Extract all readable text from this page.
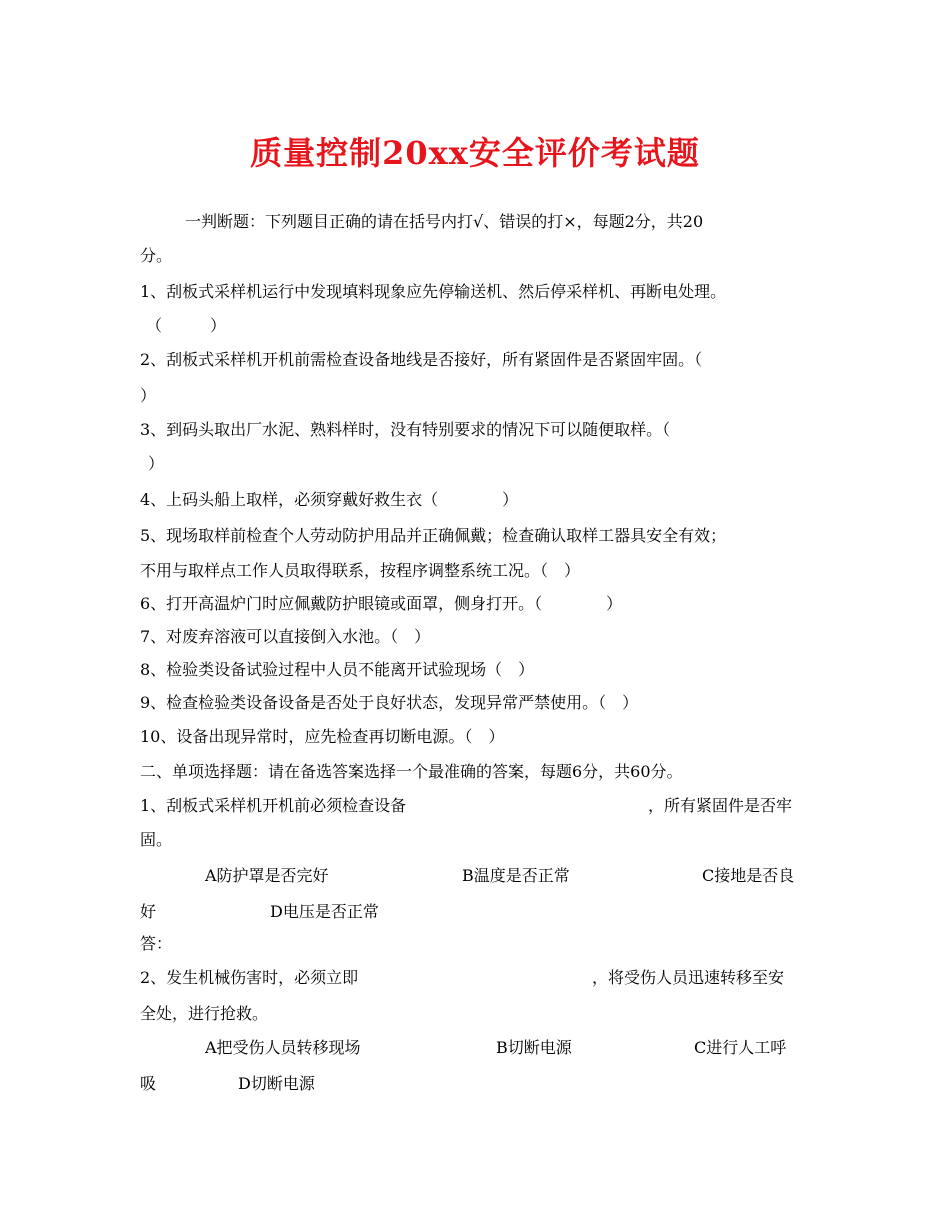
质量控制20xx安全评价考试题
一判断题：下列题目正确的请在括号内打√、错误的打×，每题2分，共20
分。
1、刮板式采样机运行中发现填料现象应先停输送机、然后停采样机、再断电处理。
（　　　）
2、刮板式采样机开机前需检查设备地线是否接好，所有紧固件是否紧固牢固。（
）
3、到码头取出厂水泥、熟料样时，没有特别要求的情况下可以随便取样。（
）
4、上码头船上取样，必须穿戴好救生衣（　　　　）
5、现场取样前检查个人劳动防护用品并正确佩戴；检查确认取样工器具安全有效；
不用与取样点工作人员取得联系，按程序调整系统工况。（　）
6、打开高温炉门时应佩戴防护眼镜或面罩，侧身打开。（　　　　）
7、对废弃溶液可以直接倒入水池。（　）
8、检验类设备试验过程中人员不能离开试验现场（　）
9、检查检验类设备设备是否处于良好状态，发现异常严禁使用。（　）
10、设备出现异常时，应先检查再切断电源。（　）
二、单项选择题：请在备选答案选择一个最准确的答案，每题6分，共60分。
1、刮板式采样机开机前必须检查设备	，所有紧固件是否牢
固。
A防护罩是否完好	B温度是否正常	C接地是否良
好	D电压是否正常
答：
2、发生机械伤害时，必须立即	，将受伤人员迅速转移至安
全处，进行抢救。
A把受伤人员转移现场	B切断电源	C进行人工呼
吸	D切断电源
